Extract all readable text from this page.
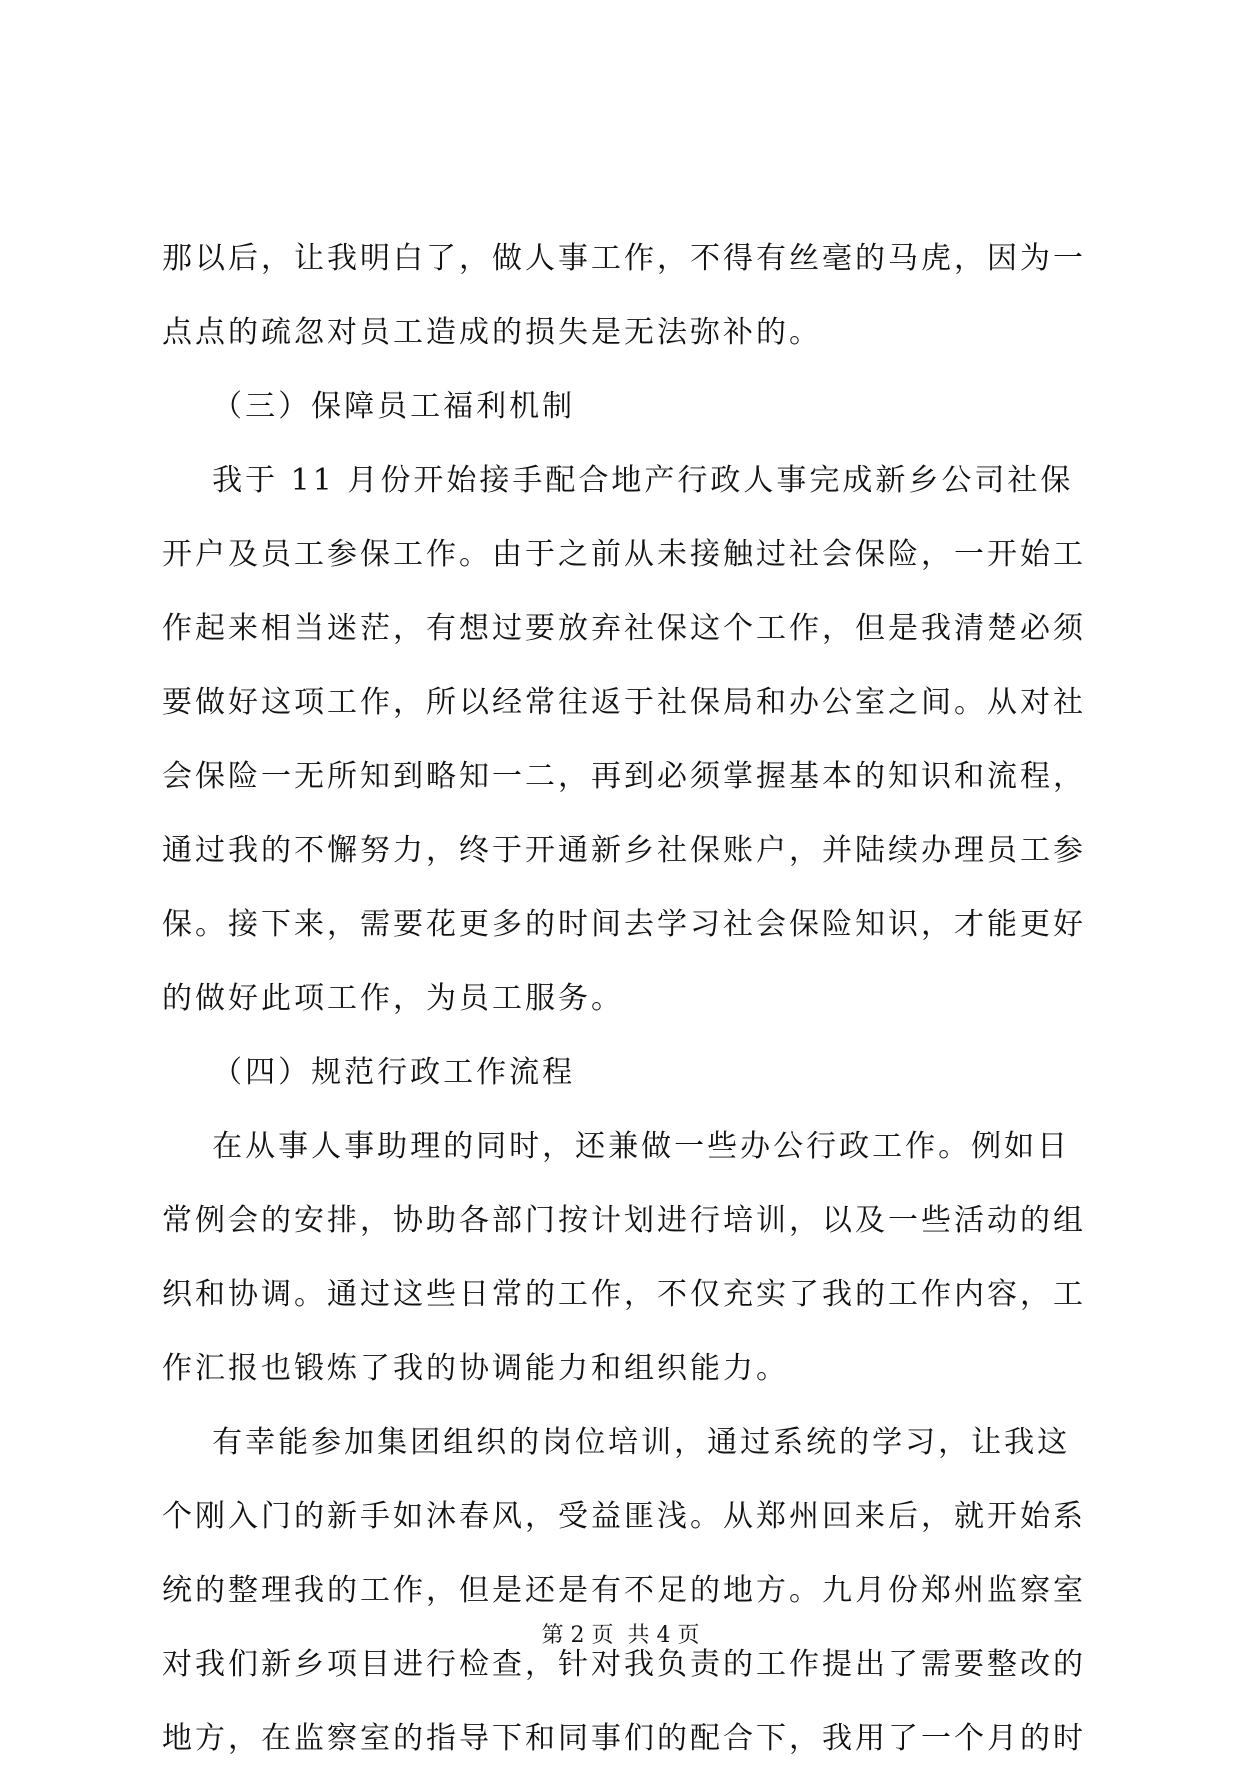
那以后，让我明白了，做人事工作，不得有丝毫的马虎，因为一

点点的疏忽对员工造成的损失是无法弥补的。

（三）保障员工福利机制

我于 11 月份开始接手配合地产行政人事完成新乡公司社保

开户及员工参保工作。由于之前从未接触过社会保险，一开始工

作起来相当迷茫，有想过要放弃社保这个工作，但是我清楚必须

要做好这项工作，所以经常往返于社保局和办公室之间。从对社

会保险一无所知到略知一二，再到必须掌握基本的知识和流程，

通过我的不懈努力，终于开通新乡社保账户，并陆续办理员工参

保。接下来，需要花更多的时间去学习社会保险知识，才能更好

的做好此项工作，为员工服务。

（四）规范行政工作流程

在从事人事助理的同时，还兼做一些办公行政工作。例如日

常例会的安排，协助各部门按计划进行培训，以及一些活动的组

织和协调。通过这些日常的工作，不仅充实了我的工作内容，工

作汇报也锻炼了我的协调能力和组织能力。

有幸能参加集团组织的岗位培训，通过系统的学习，让我这

个刚入门的新手如沐春风，受益匪浅。从郑州回来后，就开始系

统的整理我的工作，但是还是有不足的地方。九月份郑州监察室

对我们新乡项目进行检查，针对我负责的工作提出了需要整改的

地方，在监察室的指导下和同事们的配合下，我用了一个月的时

第 2 页  共 4 页
